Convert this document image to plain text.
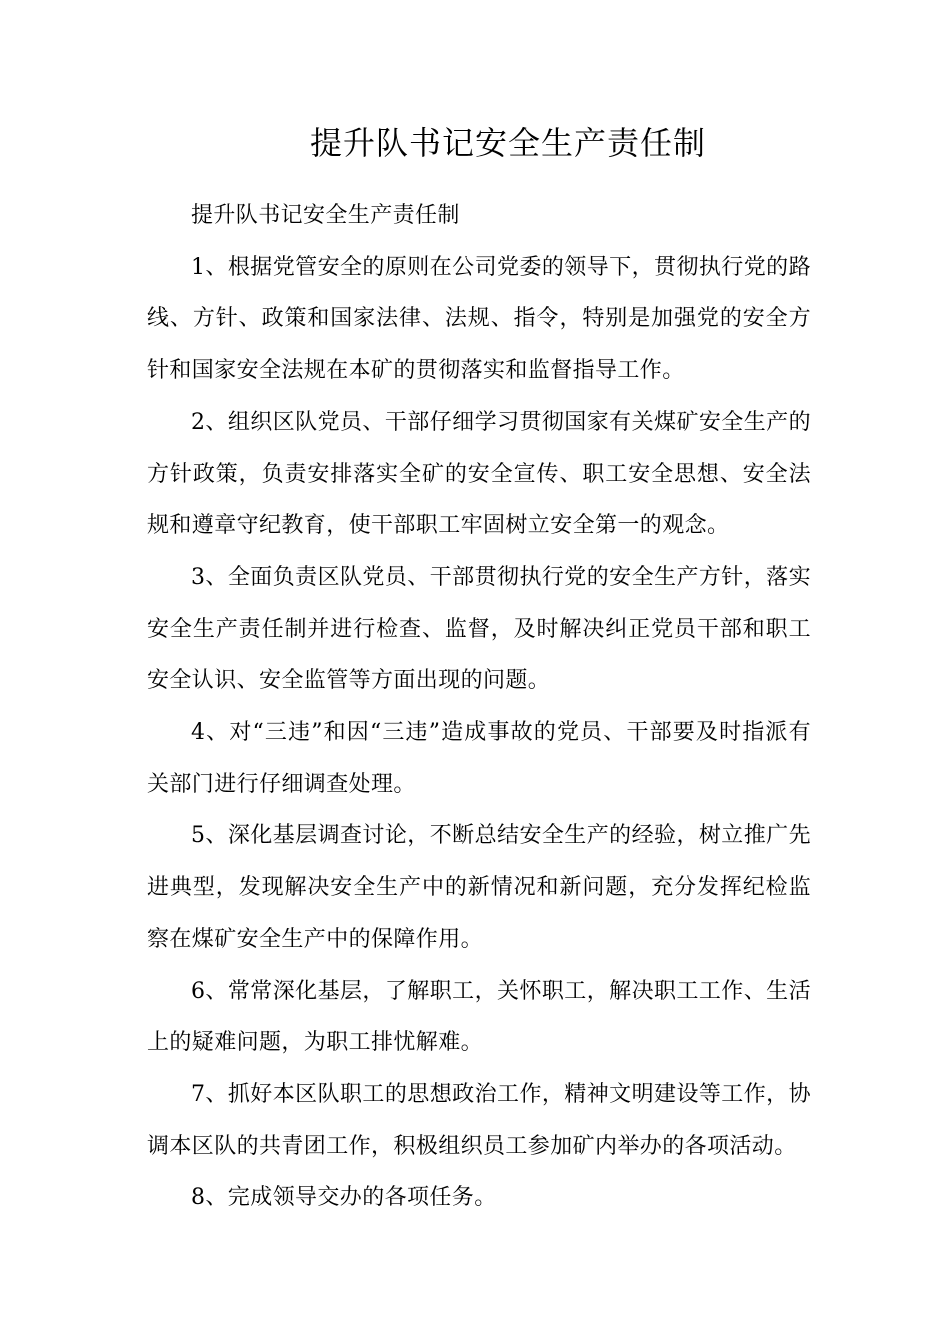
提升队书记安全生产责任制

提升队书记安全生产责任制

1、根据党管安全的原则在公司党委的领导下，贯彻执行党的路线、方针、政策和国家法律、法规、指令，特别是加强党的安全方针和国家安全法规在本矿的贯彻落实和监督指导工作。

2、组织区队党员、干部仔细学习贯彻国家有关煤矿安全生产的方针政策，负责安排落实全矿的安全宣传、职工安全思想、安全法规和遵章守纪教育，使干部职工牢固树立安全第一的观念。

3、全面负责区队党员、干部贯彻执行党的安全生产方针，落实安全生产责任制并进行检查、监督，及时解决纠正党员干部和职工安全认识、安全监管等方面出现的问题。

4、对“三违”和因“三违”造成事故的党员、干部要及时指派有关部门进行仔细调查处理。

5、深化基层调查讨论，不断总结安全生产的经验，树立推广先进典型，发现解决安全生产中的新情况和新问题，充分发挥纪检监察在煤矿安全生产中的保障作用。

6、常常深化基层，了解职工，关怀职工，解决职工工作、生活上的疑难问题，为职工排忧解难。

7、抓好本区队职工的思想政治工作，精神文明建设等工作，协调本区队的共青团工作，积极组织员工参加矿内举办的各项活动。

8、完成领导交办的各项任务。
